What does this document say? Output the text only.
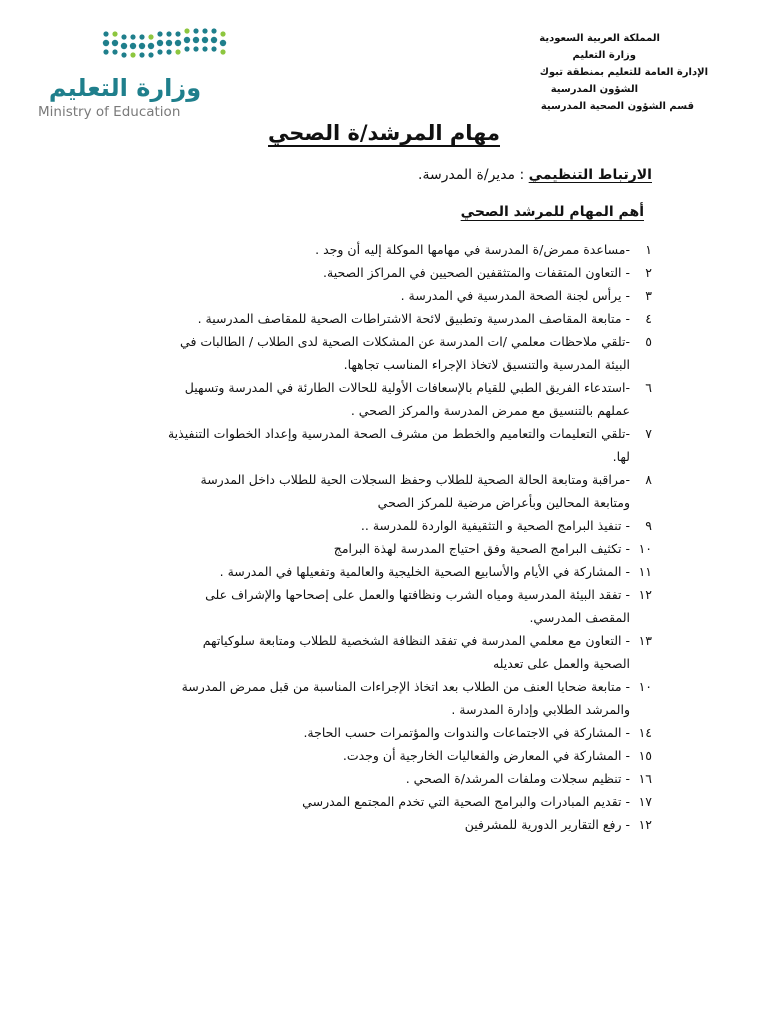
وزارة التعليم
Ministry of Education
المملكة العربية السعودية
وزارة التعليم
الإدارة العامة للتعليم بمنطقة تبوك
الشؤون المدرسية
قسم الشؤون الصحية المدرسية
مهام المرشد/ة الصحي
الارتباط التنظيمي : مدير/ة المدرسة.
أهم المهام للمرشد الصحي
١-مساعدة ممرض/ة المدرسة في مهامها الموكلة إليه أن وجد .
٢- التعاون المتقفات والمتثقفين الصحيين في المراكز الصحية.
٣- يرأس لجنة الصحة المدرسية في المدرسة .
٤- متابعة المقاصف المدرسية وتطبيق لائحة الاشتراطات الصحية للمقاصف المدرسية .
٥-تلقي ملاحظات معلمي /ات المدرسة عن المشكلات الصحية لدى الطلاب / الطالبات في
البيئة المدرسية والتنسيق لاتخاذ الإجراء المناسب تجاهها.
٦-استدعاء الفريق الطبي للقيام بالإسعافات الأولية للحالات الطارئة في المدرسة وتسهيل
عملهم بالتنسيق مع ممرض المدرسة والمركز الصحي .
٧-تلقي التعليمات والتعاميم والخطط من مشرف الصحة المدرسية وإعداد الخطوات التنفيذية
لها.
٨-مراقبة ومتابعة الحالة الصحية للطلاب وحفظ السجلات الحية للطلاب داخل المدرسة
ومتابعة المحالين وبأعراض مرضية للمركز الصحي
٩- تنفيذ البرامج الصحية و التثقيفية الواردة للمدرسة ..
١٠- تكثيف البرامج الصحية وفق احتياج المدرسة لهذة البرامج
١١- المشاركة في الأيام والأسابيع الصحية الخليجية والعالمية وتفعيلها في المدرسة .
١٢- تفقد البيئة المدرسية ومياه الشرب ونظافتها والعمل على إصحاحها والإشراف على
المقصف المدرسي.
١٣- التعاون مع معلمي المدرسة في تفقد النظافة الشخصية للطلاب ومتابعة سلوكياتهم
الصحية والعمل على تعديله
١٠- متابعة ضحايا العنف من الطلاب بعد اتخاذ الإجراءات المناسبة من قبل ممرض المدرسة
والمرشد الطلابي وإدارة المدرسة .
١٤- المشاركة في الاجتماعات والندوات والمؤتمرات حسب الحاجة.
١٥- المشاركة في المعارض والفعاليات الخارجية أن وجدت.
١٦- تنظيم سجلات وملفات المرشد/ة الصحي .
١٧- تقديم المبادرات والبرامج الصحية التي تخدم المجتمع المدرسي
١٢- رفع التقارير الدورية للمشرفين
